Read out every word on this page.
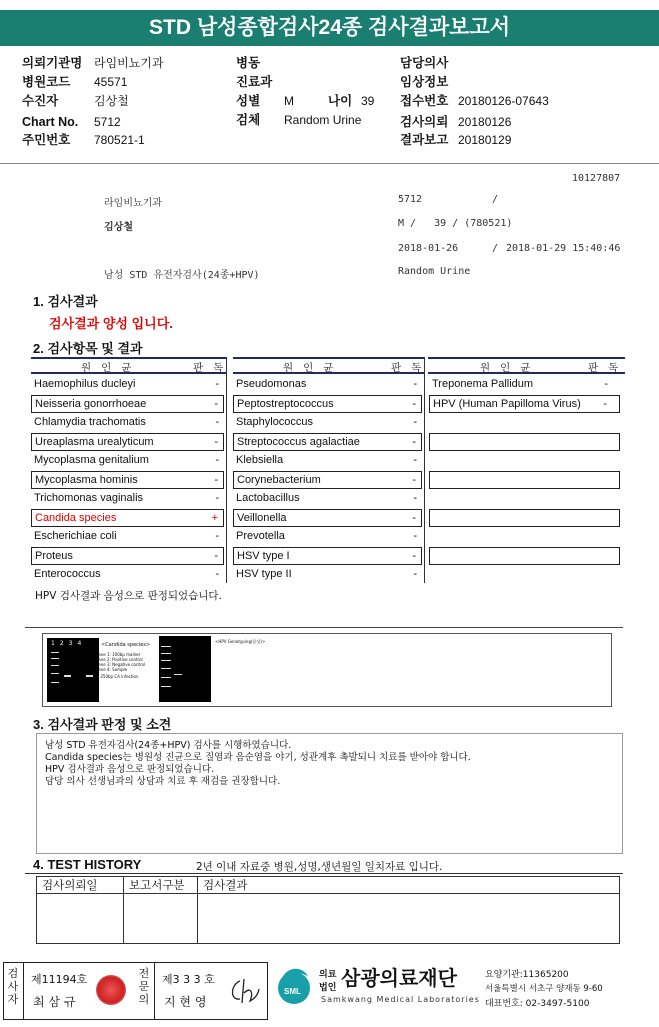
STD 남성종합검사24종 검사결과보고서
의뢰기관명 라임비뇨기과
병원코드 45571
수진자	김상철
Chart No. 5712
주민번호 780521-1
병동
진료과
성별 M	나이 39
검체 Random Urine
담당의사
임상정보
접수번호 20180126-07643
검사의뢰 20180126
결과보고 20180129
10127807
라임비뇨기과	5712	/
김상철	M /   39 / (780521)
2018-01-26	/ 2018-01-29 15:40:46
남성 STD 유전자검사(24종+HPV)	Random Urine
1. 검사결과
검사결과 양성 입니다.
2. 검사항목 및 결과
원   인   균	판   독	원   인   균	판   독	원   인   균	판   독
Haemophilus ducleyi	-
Neisseria gonorrhoeae	-
Chlamydia trachomatis	-
Ureaplasma urealyticum	-
Mycoplasma genitalium	-
Mycoplasma hominis	-
Trichomonas vaginalis	-
Candida species	+
Escherichiae coli	-
Proteus	-
Enterococcus	-
Pseudomonas	-
Peptostreptococcus	-
Staphylococcus	-
Streptococcus agalactiae	-
Klebsiella	-
Corynebacterium	-
Lactobacillus	-
Veillonella	-
Prevotella	-
HSV type I	-
HSV type II	-
Treponema Pallidum	-
HPV (Human Papilloma Virus) -
HPV 검사결과 음성으로 판정되었습니다.
1234	<Candida species>
Lane 1: 100bp marker
Lane 2: Positive control
Lane 3: Negative control
Lane 4: Sample
◀ 250bp CA infection
<HPV Genotyping(음성)>
3. 검사결과 판정 및 소견
남성 STD 유전자검사(24종+HPV) 검사를 시행하였습니다.
Candida species는 병원성 진균으로 질염과 음순염을 야기, 성관계후 촉발되니 치료를 받아야 합니다.
HPV 검사결과 음성으로 판정되었습니다.
담당 의사 선생님과의 상담과 치료 후 재검을 권장합니다.
4. TEST HISTORY	2년 이내 자료중 병원,성명,생년월일 일치자료 입니다.
검사의뢰일	보고서구분	검사결과

검사자
제11194호
최 삼 규
전문의
제3 3 3 호
지 현 영
SML
의료
법인 삼광의료재단
Samkwang Medical Laboratories
요양기관:11365200
서울특별시 서초구 양재동 9-60
대표번호: 02-3497-5100
